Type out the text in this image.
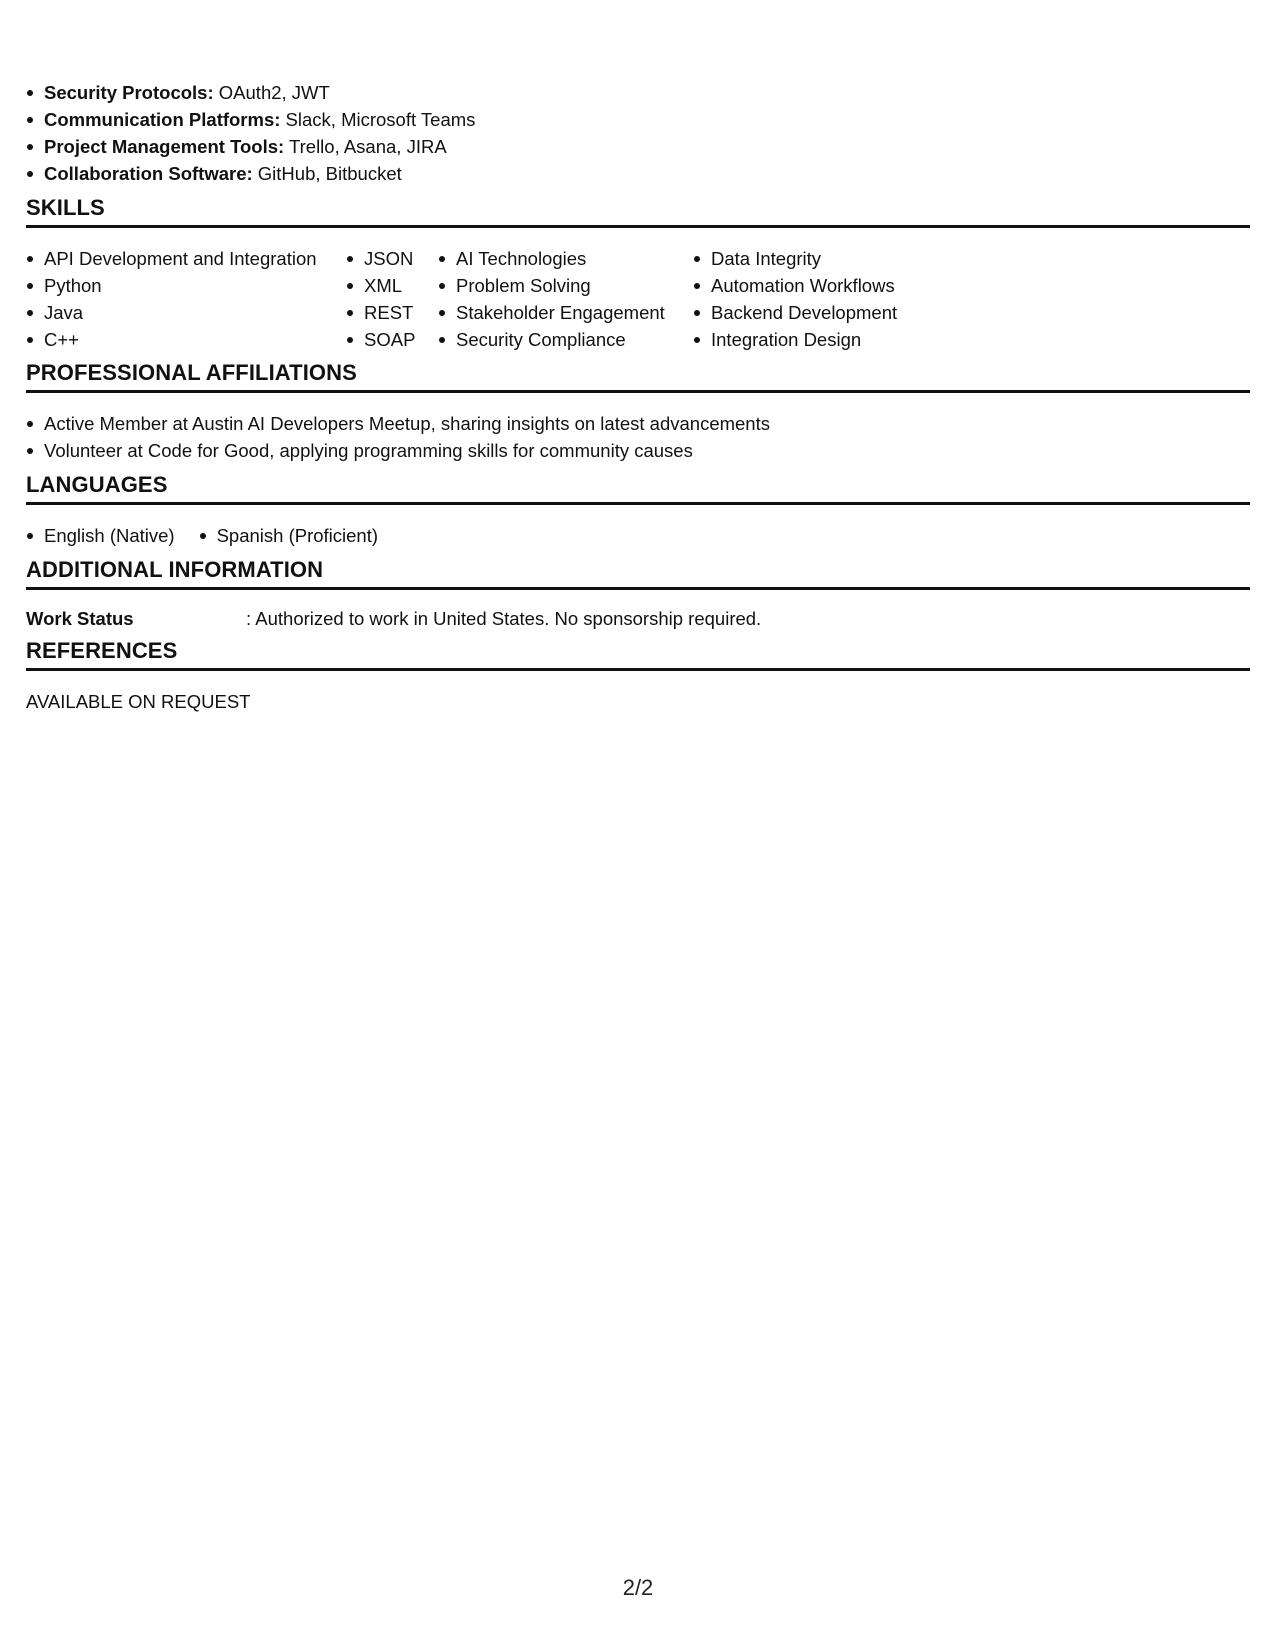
Security Protocols: OAuth2, JWT
Communication Platforms: Slack, Microsoft Teams
Project Management Tools: Trello, Asana, JIRA
Collaboration Software: GitHub, Bitbucket
SKILLS
API Development and Integration
Python
Java
C++
JSON
XML
REST
SOAP
AI Technologies
Problem Solving
Stakeholder Engagement
Security Compliance
Data Integrity
Automation Workflows
Backend Development
Integration Design
PROFESSIONAL AFFILIATIONS
Active Member at Austin AI Developers Meetup, sharing insights on latest advancements
Volunteer at Code for Good, applying programming skills for community causes
LANGUAGES
English (Native)	Spanish (Proficient)
ADDITIONAL INFORMATION
Work Status	: Authorized to work in United States. No sponsorship required.
REFERENCES
AVAILABLE ON REQUEST
2/2
